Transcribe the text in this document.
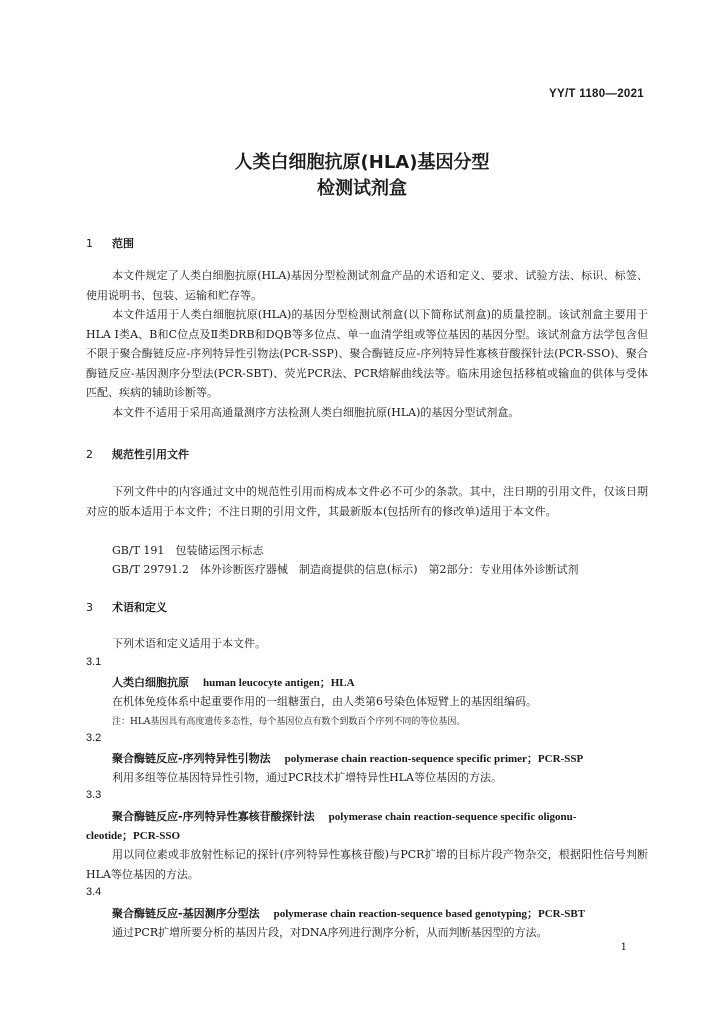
YY/T 1180—2021
人类白细胞抗原(HLA)基因分型
检测试剂盒
1 范围

本文件规定了人类白细胞抗原(HLA)基因分型检测试剂盒产品的术语和定义、要求、试验方法、标识、标签、使用说明书、包装、运输和贮存等。

本文件适用于人类白细胞抗原(HLA)的基因分型检测试剂盒(以下简称试剂盒)的质量控制。该试剂盒主要用于HLA Ⅰ类A、B和C位点及Ⅱ类DRB和DQB等多位点、单一血清学组或等位基因的基因分型。该试剂盒方法学包含但不限于聚合酶链反应-序列特异性引物法(PCR-SSP)、聚合酶链反应-序列特异性寡核苷酸探针法(PCR-SSO)、聚合酶链反应-基因测序分型法(PCR-SBT)、荧光PCR法、PCR熔解曲线法等。临床用途包括移植或输血的供体与受体匹配、疾病的辅助诊断等。

本文件不适用于采用高通量测序方法检测人类白细胞抗原(HLA)的基因分型试剂盒。

2 规范性引用文件

下列文件中的内容通过文中的规范性引用而构成本文件必不可少的条款。其中，注日期的引用文件，仅该日期对应的版本适用于本文件；不注日期的引用文件，其最新版本(包括所有的修改单)适用于本文件。

GB/T 191　包装储运图示标志
GB/T 29791.2　体外诊断医疗器械　制造商提供的信息(标示)　第2部分：专业用体外诊断试剂
3 术语和定义
下列术语和定义适用于本文件。
3.1
人类白细胞抗原 human leucocyte antigen；HLA
在机体免疫体系中起重要作用的一组糖蛋白，由人类第6号染色体短臂上的基因组编码。
注：HLA基因具有高度遗传多态性，每个基因位点有数个到数百个序列不同的等位基因。
3.2
聚合酶链反应-序列特异性引物法 polymerase chain reaction-sequence specific primer；PCR-SSP
利用多组等位基因特异性引物，通过PCR技术扩增特异性HLA等位基因的方法。
3.3
聚合酶链反应-序列特异性寡核苷酸探针法 polymerase chain reaction-sequence specific oligonu-
cleotide；PCR-SSO

用以同位素或非放射性标记的探针(序列特异性寡核苷酸)与PCR扩增的目标片段产物杂交，根据阳性信号判断HLA等位基因的方法。

3.4
聚合酶链反应-基因测序分型法 polymerase chain reaction-sequence based genotyping；PCR-SBT
通过PCR扩增所要分析的基因片段，对DNA序列进行测序分析，从而判断基因型的方法。
1
